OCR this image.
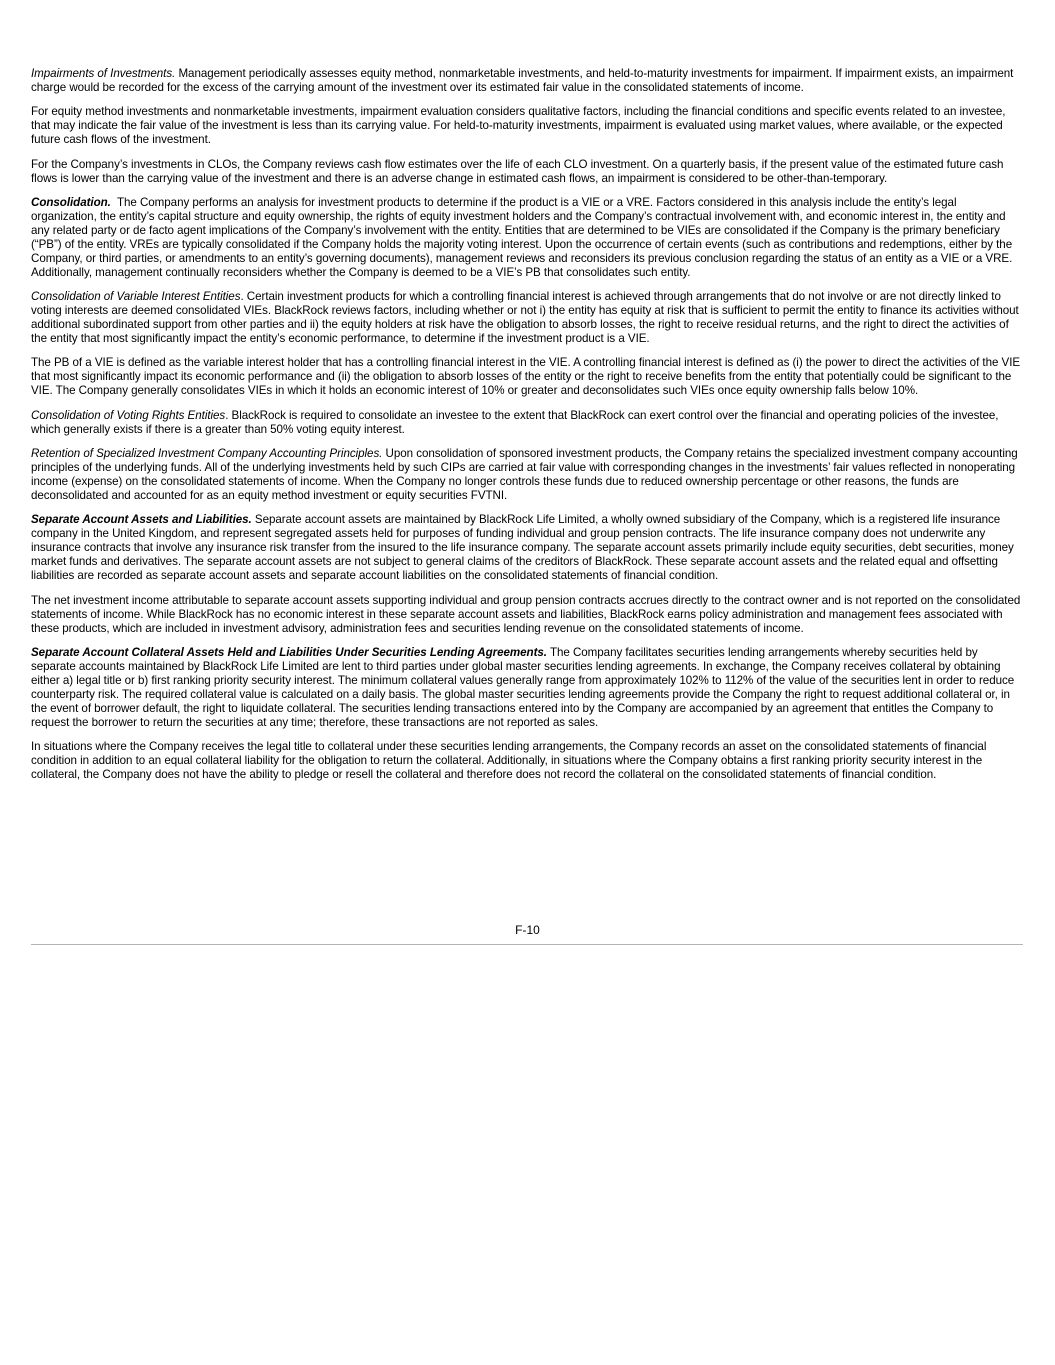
Impairments of Investments. Management periodically assesses equity method, nonmarketable investments, and held-to-maturity investments for impairment. If impairment exists, an impairment charge would be recorded for the excess of the carrying amount of the investment over its estimated fair value in the consolidated statements of income.

For equity method investments and nonmarketable investments, impairment evaluation considers qualitative factors, including the financial conditions and specific events related to an investee, that may indicate the fair value of the investment is less than its carrying value. For held-to-maturity investments, impairment is evaluated using market values, where available, or the expected future cash flows of the investment.

For the Company’s investments in CLOs, the Company reviews cash flow estimates over the life of each CLO investment. On a quarterly basis, if the present value of the estimated future cash flows is lower than the carrying value of the investment and there is an adverse change in estimated cash flows, an impairment is considered to be other-than-temporary.

Consolidation.  The Company performs an analysis for investment products to determine if the product is a VIE or a VRE. Factors considered in this analysis include the entity’s legal organization, the entity’s capital structure and equity ownership, the rights of equity investment holders and the Company’s contractual involvement with, and economic interest in, the entity and any related party or de facto agent implications of the Company’s involvement with the entity. Entities that are determined to be VIEs are consolidated if the Company is the primary beneficiary (“PB”) of the entity. VREs are typically consolidated if the Company holds the majority voting interest. Upon the occurrence of certain events (such as contributions and redemptions, either by the Company, or third parties, or amendments to an entity’s governing documents), management reviews and reconsiders its previous conclusion regarding the status of an entity as a VIE or a VRE. Additionally, management continually reconsiders whether the Company is deemed to be a VIE’s PB that consolidates such entity.

Consolidation of Variable Interest Entities. Certain investment products for which a controlling financial interest is achieved through arrangements that do not involve or are not directly linked to voting interests are deemed consolidated VIEs. BlackRock reviews factors, including whether or not i) the entity has equity at risk that is sufficient to permit the entity to finance its activities without additional subordinated support from other parties and ii) the equity holders at risk have the obligation to absorb losses, the right to receive residual returns, and the right to direct the activities of the entity that most significantly impact the entity’s economic performance, to determine if the investment product is a VIE.

The PB of a VIE is defined as the variable interest holder that has a controlling financial interest in the VIE. A controlling financial interest is defined as (i) the power to direct the activities of the VIE that most significantly impact its economic performance and (ii) the obligation to absorb losses of the entity or the right to receive benefits from the entity that potentially could be significant to the VIE. The Company generally consolidates VIEs in which it holds an economic interest of 10% or greater and deconsolidates such VIEs once equity ownership falls below 10%.

Consolidation of Voting Rights Entities. BlackRock is required to consolidate an investee to the extent that BlackRock can exert control over the financial and operating policies of the investee, which generally exists if there is a greater than 50% voting equity interest.

Retention of Specialized Investment Company Accounting Principles. Upon consolidation of sponsored investment products, the Company retains the specialized investment company accounting principles of the underlying funds. All of the underlying investments held by such CIPs are carried at fair value with corresponding changes in the investments’ fair values reflected in nonoperating income (expense) on the consolidated statements of income. When the Company no longer controls these funds due to reduced ownership percentage or other reasons, the funds are deconsolidated and accounted for as an equity method investment or equity securities FVTNI.

Separate Account Assets and Liabilities. Separate account assets are maintained by BlackRock Life Limited, a wholly owned subsidiary of the Company, which is a registered life insurance company in the United Kingdom, and represent segregated assets held for purposes of funding individual and group pension contracts. The life insurance company does not underwrite any insurance contracts that involve any insurance risk transfer from the insured to the life insurance company. The separate account assets primarily include equity securities, debt securities, money market funds and derivatives. The separate account assets are not subject to general claims of the creditors of BlackRock. These separate account assets and the related equal and offsetting liabilities are recorded as separate account assets and separate account liabilities on the consolidated statements of financial condition.

The net investment income attributable to separate account assets supporting individual and group pension contracts accrues directly to the contract owner and is not reported on the consolidated statements of income. While BlackRock has no economic interest in these separate account assets and liabilities, BlackRock earns policy administration and management fees associated with these products, which are included in investment advisory, administration fees and securities lending revenue on the consolidated statements of income.

Separate Account Collateral Assets Held and Liabilities Under Securities Lending Agreements. The Company facilitates securities lending arrangements whereby securities held by separate accounts maintained by BlackRock Life Limited are lent to third parties under global master securities lending agreements. In exchange, the Company receives collateral by obtaining either a) legal title or b) first ranking priority security interest. The minimum collateral values generally range from approximately 102% to 112% of the value of the securities lent in order to reduce counterparty risk. The required collateral value is calculated on a daily basis. The global master securities lending agreements provide the Company the right to request additional collateral or, in the event of borrower default, the right to liquidate collateral. The securities lending transactions entered into by the Company are accompanied by an agreement that entitles the Company to request the borrower to return the securities at any time; therefore, these transactions are not reported as sales.

In situations where the Company receives the legal title to collateral under these securities lending arrangements, the Company records an asset on the consolidated statements of financial condition in addition to an equal collateral liability for the obligation to return the collateral. Additionally, in situations where the Company obtains a first ranking priority security interest in the collateral, the Company does not have the ability to pledge or resell the collateral and therefore does not record the collateral on the consolidated statements of financial condition.

F-10
